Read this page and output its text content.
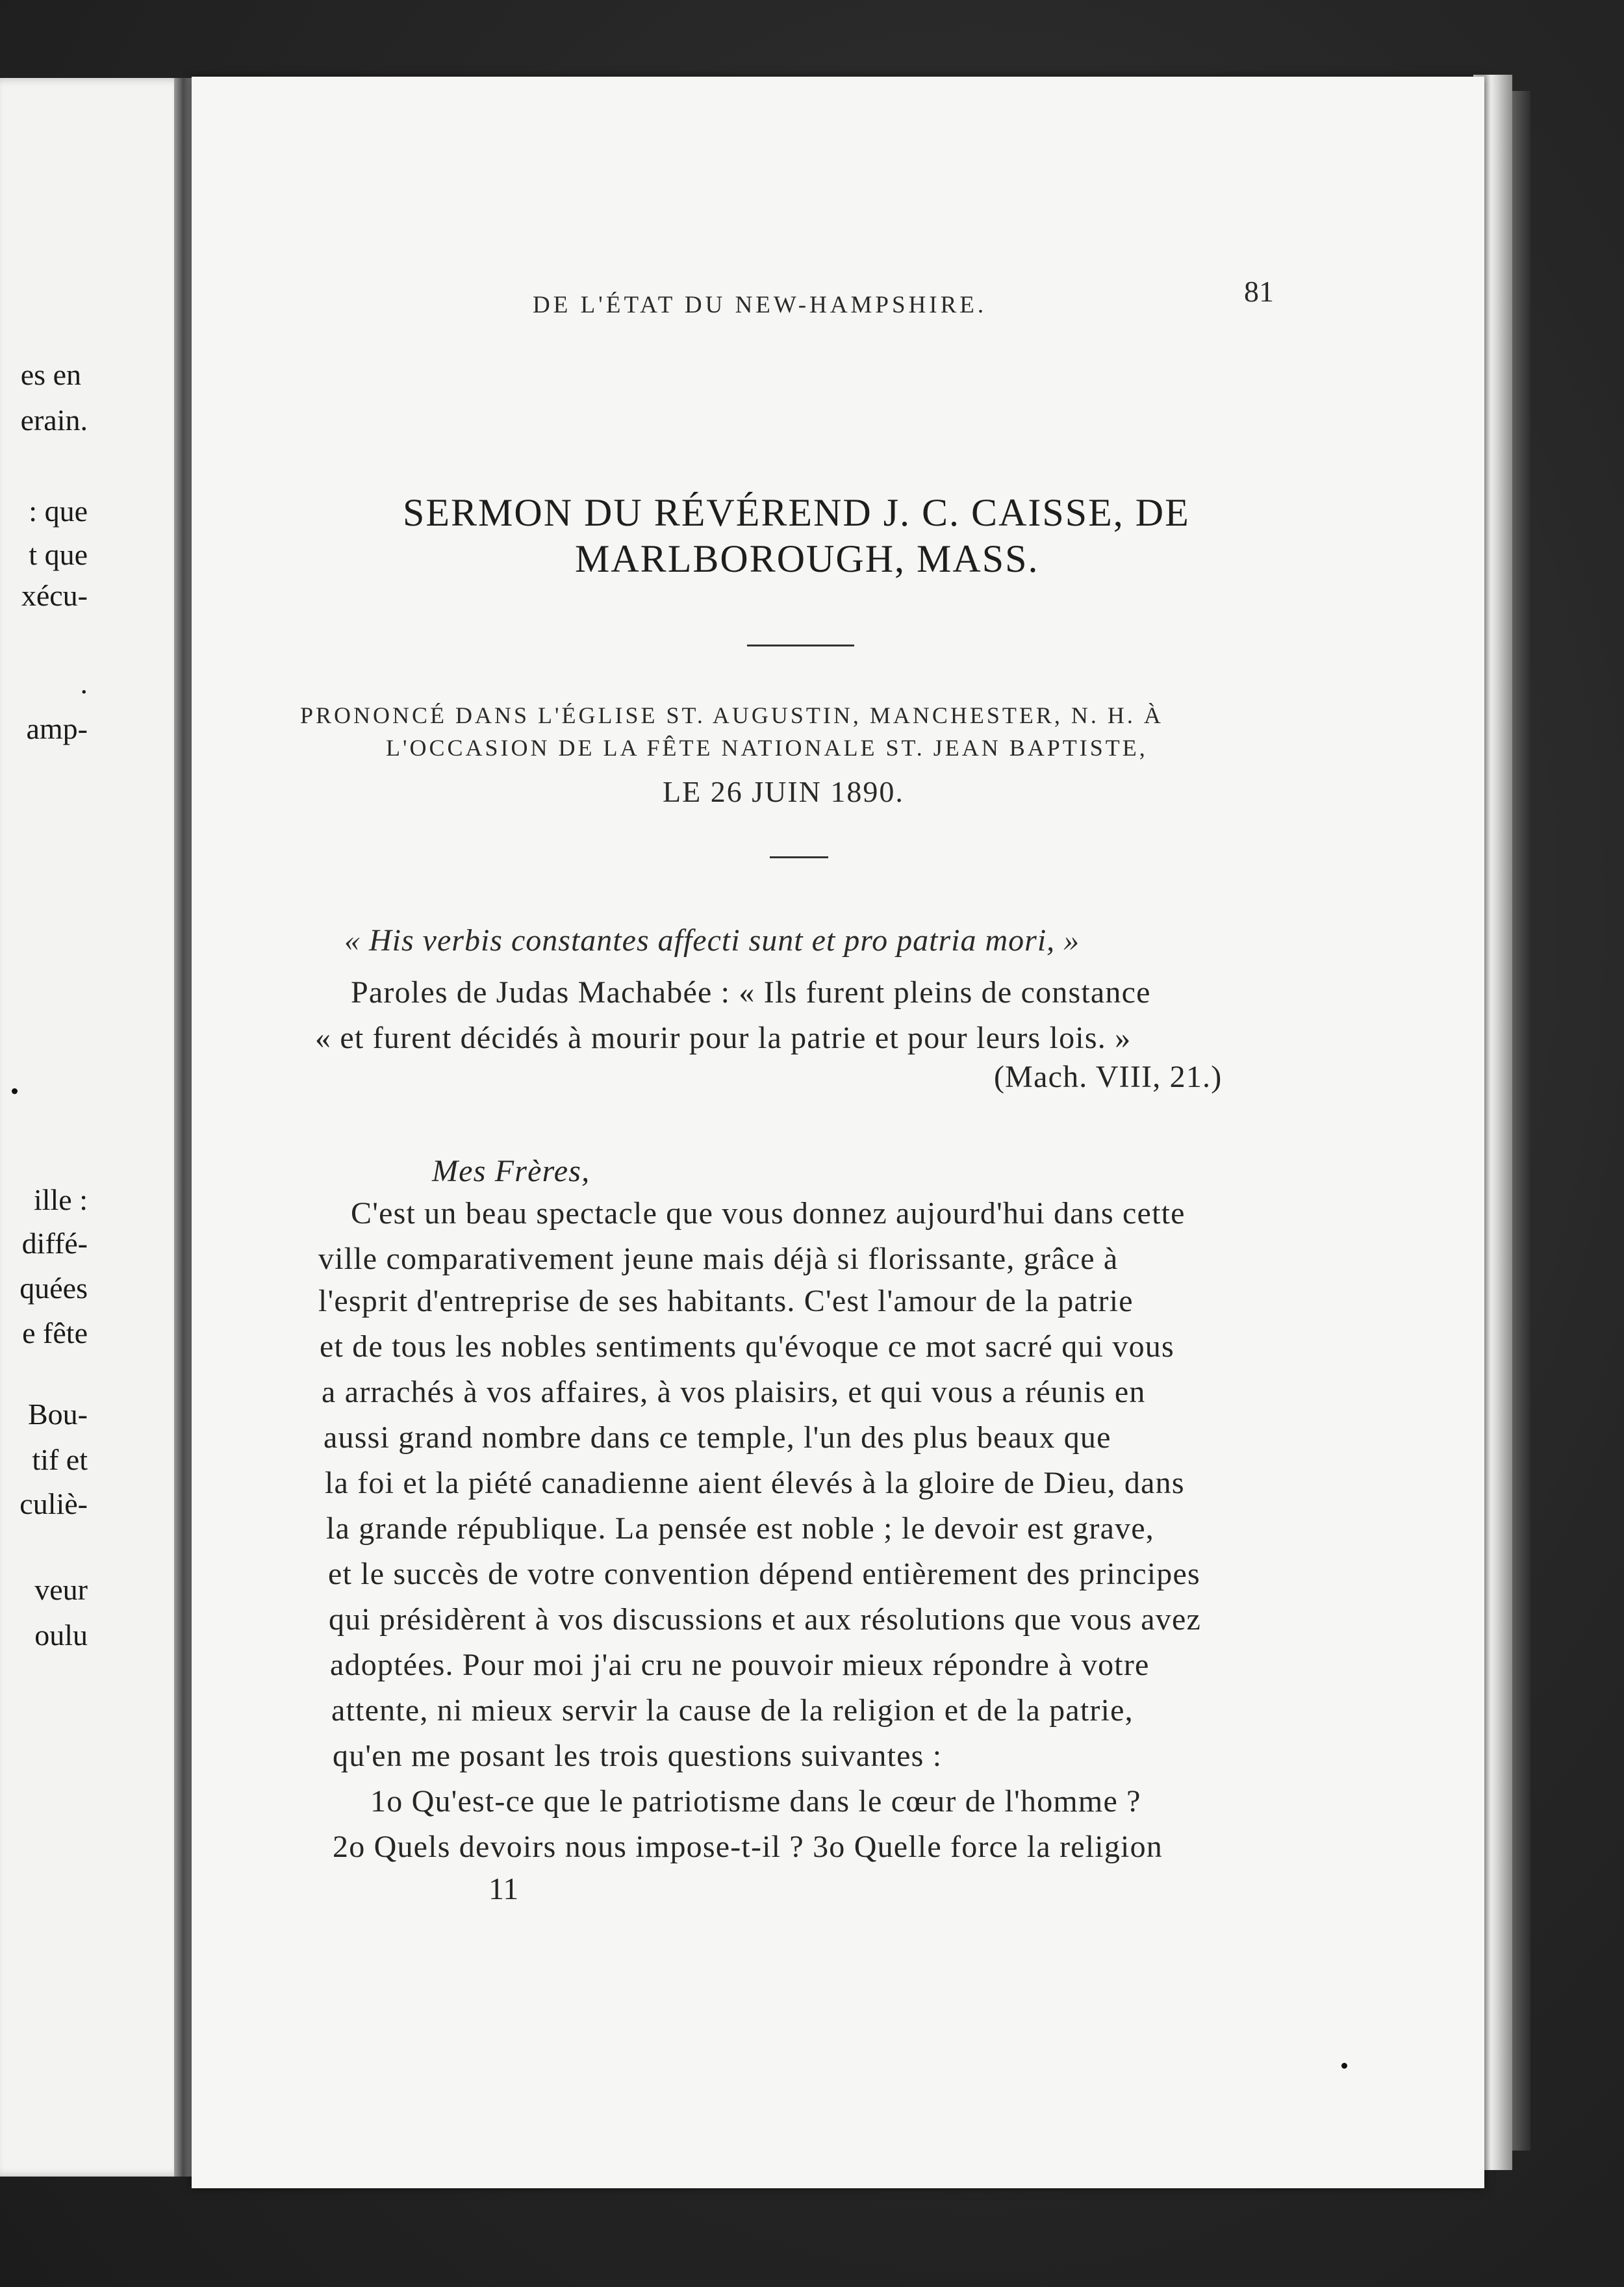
es en
erain.
: que
t que
xécu-
.
amp-
ille :
diffé-
quées
e fête
Bou-
tif et
culiè-
veur
oulu
DE L'ÉTAT DU NEW-HAMPSHIRE.	81
SERMON DU RÉVÉREND J. C. CAISSE, DE
MARLBOROUGH, MASS.
PRONONCÉ DANS L'ÉGLISE ST. AUGUSTIN, MANCHESTER, N. H. À
L'OCCASION DE LA FÊTE NATIONALE ST. JEAN BAPTISTE,
LE 26 JUIN 1890.
« His verbis constantes affecti sunt et pro patria mori, »
Paroles de Judas Machabée : « Ils furent pleins de constance
« et furent décidés à mourir pour la patrie et pour leurs lois. »
(Mach. VIII, 21.)
Mes Frères,
C'est un beau spectacle que vous donnez aujourd'hui dans cette
ville comparativement jeune mais déjà si florissante, grâce à
l'esprit d'entreprise de ses habitants. C'est l'amour de la patrie
et de tous les nobles sentiments qu'évoque ce mot sacré qui vous
a arrachés à vos affaires, à vos plaisirs, et qui vous a réunis en
aussi grand nombre dans ce temple, l'un des plus beaux que
la foi et la piété canadienne aient élevés à la gloire de Dieu, dans
la grande république. La pensée est noble ; le devoir est grave,
et le succès de votre convention dépend entièrement des principes
qui présidèrent à vos discussions et aux résolutions que vous avez
adoptées. Pour moi j'ai cru ne pouvoir mieux répondre à votre
attente, ni mieux servir la cause de la religion et de la patrie,
qu'en me posant les trois questions suivantes :
1o Qu'est-ce que le patriotisme dans le cœur de l'homme ?
2o Quels devoirs nous impose-t-il ? 3o Quelle force la religion
11
